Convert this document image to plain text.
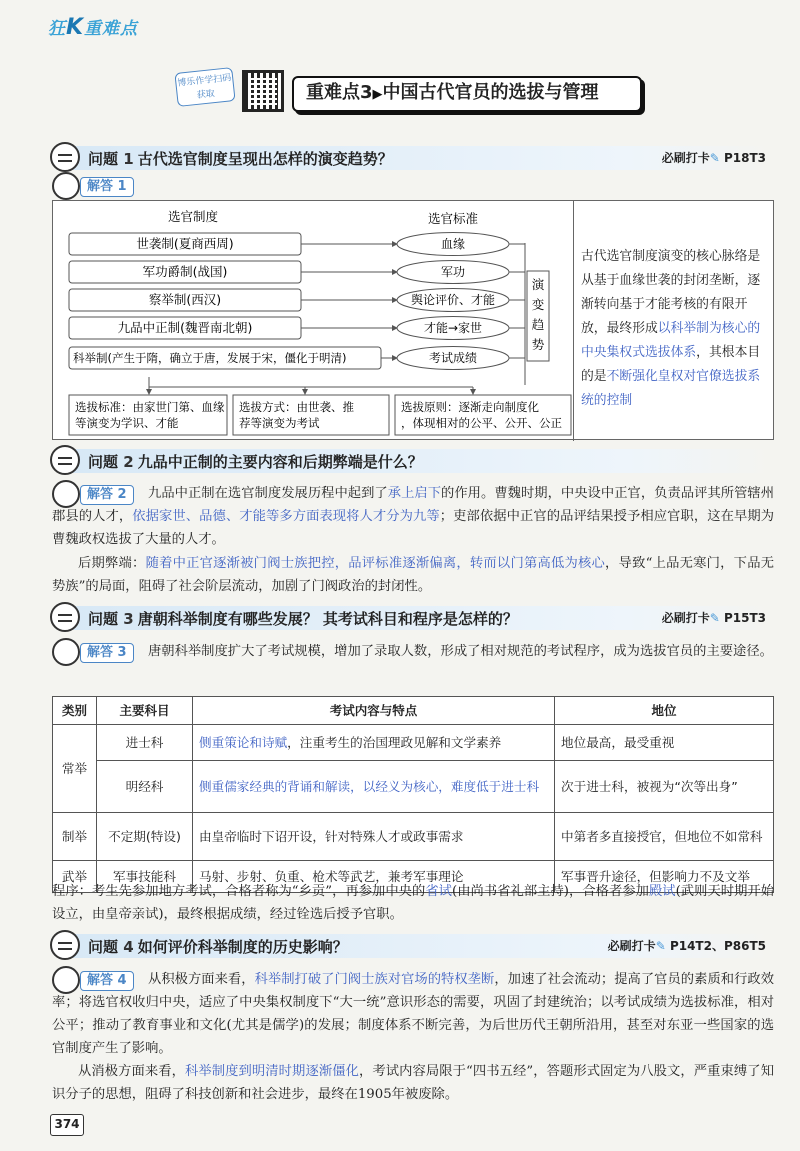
狂K重难点
博乐作学扫码获取	重难点3▶中国古代官员的选拔与管理
问题 1 古代选官制度呈现出怎样的演变趋势？	必刷打卡✎ P18T3
解答 1
选官制度	选官标准
世袭制(夏商西周)	血缘
军功爵制(战国)	军功
察举制(西汉)	舆论评价、才能
九品中正制(魏晋南北朝)	才能→家世
科举制(产生于隋，确立于唐，发展于宋，僵化于明清)	考试成绩
演
变
趋
势
选拔标准：由家世门第、血缘
等演变为学识、才能
选拔方式：由世袭、推
荐等演变为考试
选拔原则：逐渐走向制度化
，体现相对的公平、公开、公正
古代选官制度演变的核心脉络是从基于血缘世袭的封闭垄断，逐渐转向基于才能考核的有限开放，最终形成以科举制为核心的中央集权式选拔体系，其根本目的是不断强化皇权对官僚选拔系统的控制
问题 2 九品中正制的主要内容和后期弊端是什么？
解答 2	九品中正制在选官制度发展历程中起到了承上启下的作用。曹魏时期，中央设中正官，负责品评其所管辖州郡县的人才，依据家世、品德、才能等多方面表现将人才分为九等；吏部依据中正官的品评结果授予相应官职，这在早期为曹魏政权选拔了大量的人才。
后期弊端：随着中正官逐渐被门阀士族把控，品评标准逐渐偏离，转而以门第高低为核心，导致“上品无寒门，下品无势族”的局面，阻碍了社会阶层流动，加剧了门阀政治的封闭性。
问题 3 唐朝科举制度有哪些发展？ 其考试科目和程序是怎样的？	必刷打卡✎ P15T3
解答 3	唐朝科举制度扩大了考试规模，增加了录取人数，形成了相对规范的考试程序，成为选拔官员的主要途径。
类别	主要科目	考试内容与特点	地位
常举	进士科	侧重策论和诗赋，注重考生的治国理政见解和文学素养	地位最高，最受重视
	明经科	侧重儒家经典的背诵和解读，以经义为核心，难度低于进士科	次于进士科，被视为“次等出身”
制举	不定期(特设)	由皇帝临时下诏开设，针对特殊人才或政事需求	中第者多直接授官，但地位不如常科
武举	军事技能科	马射、步射、负重、枪术等武艺，兼考军事理论	军事晋升途径，但影响力不及文举
程序：考生先参加地方考试，合格者称为“乡贡”，再参加中央的省试(由尚书省礼部主持)，合格者参加殿试(武则天时期开始设立，由皇帝亲试)，最终根据成绩，经过铨选后授予官职。
问题 4 如何评价科举制度的历史影响？	必刷打卡✎ P14T2、P86T5
解答 4	从积极方面来看，科举制打破了门阀士族对官场的特权垄断，加速了社会流动；提高了官员的素质和行政效率；将选官权收归中央，适应了中央集权制度下“大一统”意识形态的需要，巩固了封建统治；以考试成绩为选拔标准，相对公平；推动了教育事业和文化(尤其是儒学)的发展；制度体系不断完善，为后世历代王朝所沿用，甚至对东亚一些国家的选官制度产生了影响。
从消极方面来看，科举制度到明清时期逐渐僵化，考试内容局限于“四书五经”，答题形式固定为八股文，严重束缚了知识分子的思想，阻碍了科技创新和社会进步，最终在1905年被废除。
374
